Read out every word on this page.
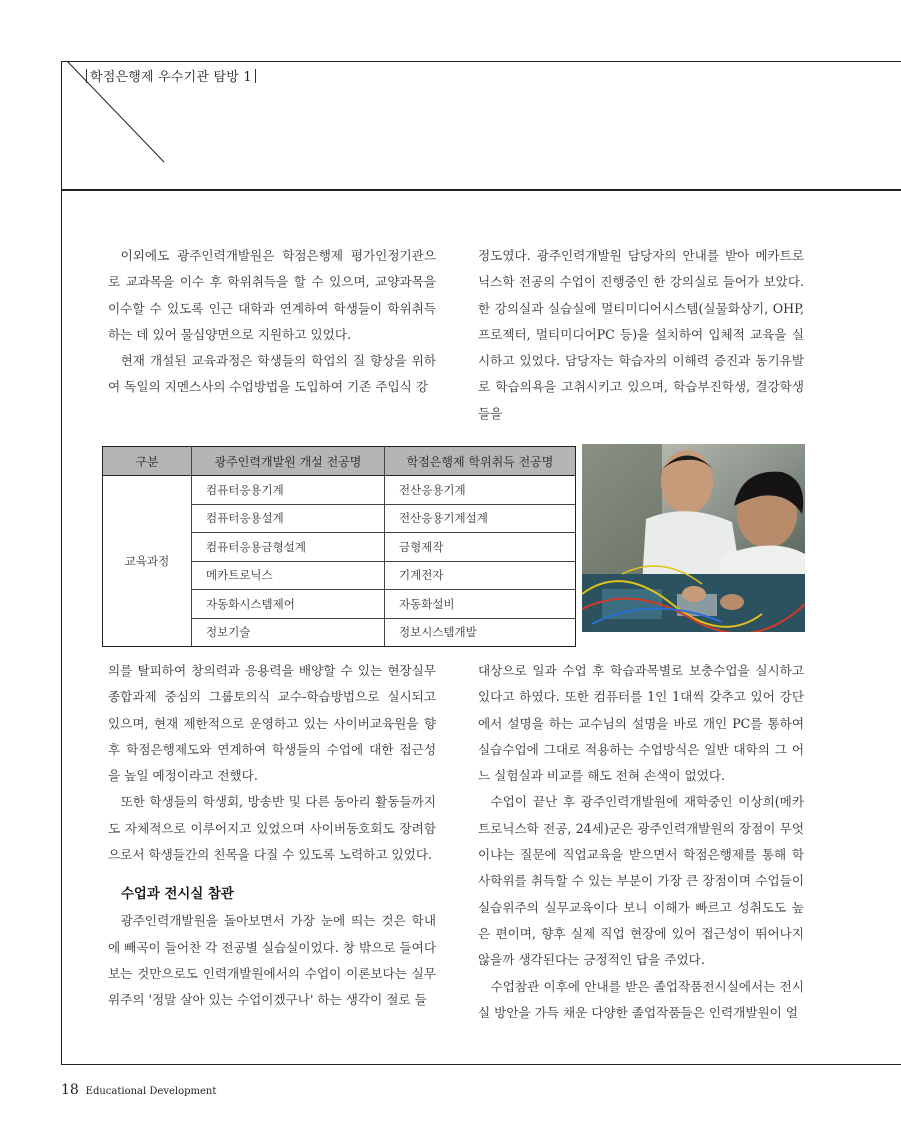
학점은행제 우수기관 탐방 1

이외에도 광주인력개발원은 학점은행제 평가인정기관으로 교과목을 이수 후 학위취득을 할 수 있으며, 교양과목을 이수할 수 있도록 인근 대학과 연계하여 학생들이 학위취득하는 데 있어 물심양면으로 지원하고 있었다.

현재 개설된 교육과정은 학생들의 학업의 질 향상을 위하여 독일의 지멘스사의 수업방법을 도입하여 기존 주입식 강

정도였다. 광주인력개발원 담당자의 안내를 받아 메카트로닉스학 전공의 수업이 진행중인 한 강의실로 들어가 보았다. 한 강의실과 실습실에 멀티미디어시스템(실물화상기, OHP, 프로젝터, 멀티미디어PC 등)을 설치하여 입체적 교육을 실시하고 있었다. 담당자는 학습자의 이해력 증진과 동기유발로 학습의욕을 고취시키고 있으며, 학습부진학생, 결강학생들을

구분	광주인력개발원 개설 전공명	학점은행제 학위취득 전공명
교육과정	컴퓨터응용기계	전산응용기계
	컴퓨터응용설계	전산응용기계설계
	컴퓨터응용금형설계	금형제작
	메카트로닉스	기계전자
	자동화시스템제어	자동화설비
	정보기술	정보시스템개발

의를 탈피하여 창의력과 응용력을 배양할 수 있는 현장실무 종합과제 중심의 그룹토의식 교수-학습방법으로 실시되고 있으며, 현재 제한적으로 운영하고 있는 사이버교육원을 향후 학점은행제도와 연계하여 학생들의 수업에 대한 접근성을 높일 예정이라고 전했다.

또한 학생들의 학생회, 방송반 및 다른 동아리 활동들까지도 자체적으로 이루어지고 있었으며 사이버동호회도 장려함으로서 학생들간의 친목을 다질 수 있도록 노력하고 있었다.

수업과 전시실 참관

광주인력개발원을 돌아보면서 가장 눈에 띄는 것은 학내에 빼곡이 들어찬 각 전공별 실습실이었다. 창 밖으로 들여다보는 것만으로도 인력개발원에서의 수업이 이론보다는 실무위주의 '정말 살아 있는 수업이겠구나' 하는 생각이 절로 들

대상으로 일과 수업 후 학습과목별로 보충수업을 실시하고 있다고 하였다. 또한 컴퓨터를 1인 1대씩 갖추고 있어 강단에서 설명을 하는 교수님의 설명을 바로 개인 PC를 통하여 실습수업에 그대로 적용하는 수업방식은 일반 대학의 그 어느 실험실과 비교를 해도 전혀 손색이 없었다.

수업이 끝난 후 광주인력개발원에 재학중인 이상희(메카트로닉스학 전공, 24세)군은 광주인력개발원의 장점이 무엇이냐는 질문에 직업교육을 받으면서 학점은행제를 통해 학사학위를 취득할 수 있는 부분이 가장 큰 장점이며 수업들이 실습위주의 실무교육이다 보니 이해가 빠르고 성취도도 높은 편이며, 향후 실제 직업 현장에 있어 접근성이 뛰어나지 않을까 생각된다는 긍정적인 답을 주었다.

수업참관 이후에 안내를 받은 졸업작품전시실에서는 전시실 방안을 가득 채운 다양한 졸업작품들은 인력개발원이 얼

18 Educational Development
